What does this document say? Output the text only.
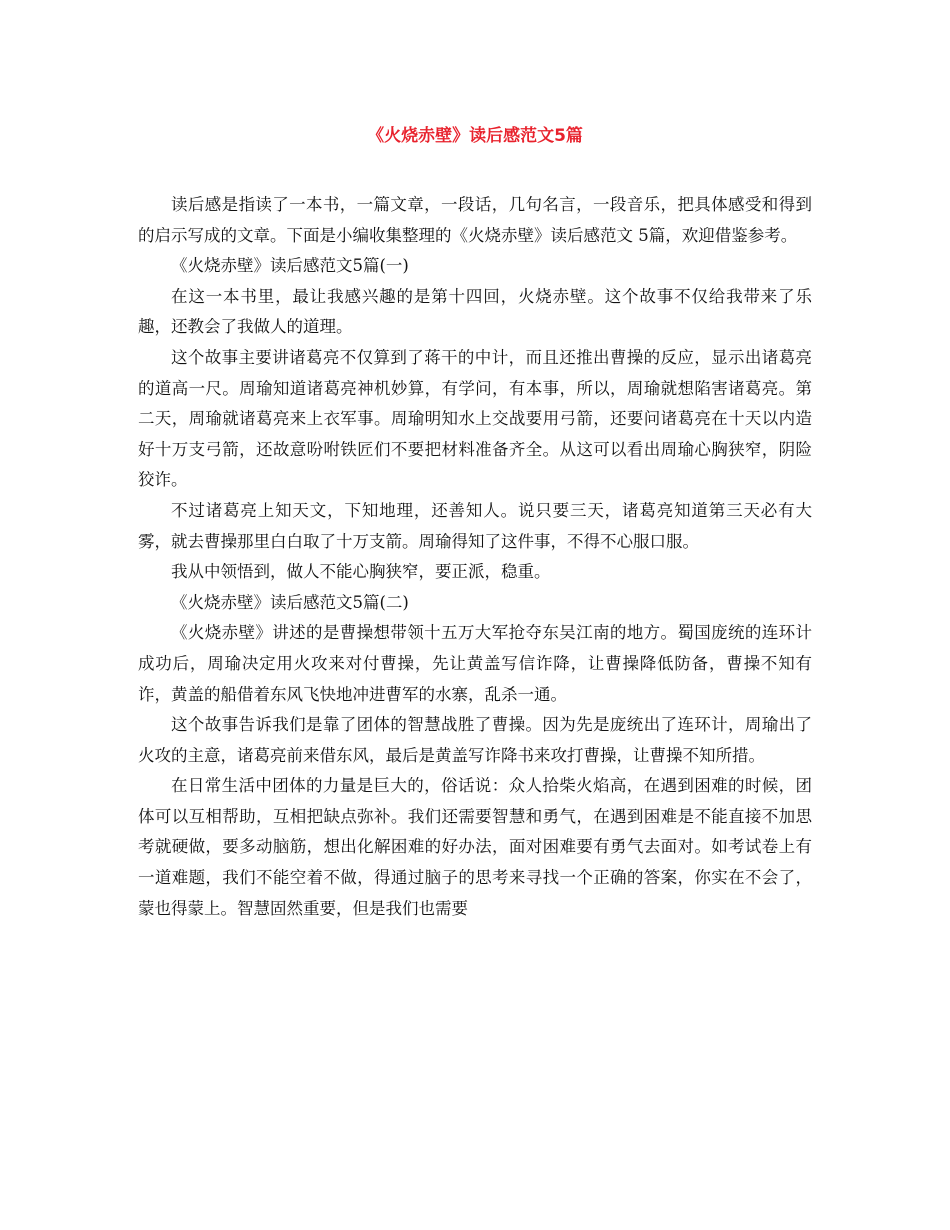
《火烧赤壁》读后感范文5篇

读后感是指读了一本书，一篇文章，一段话，几句名言，一段音乐，把具体感受和得到的启示写成的文章。下面是小编收集整理的《火烧赤壁》读后感范文 5篇，欢迎借鉴参考。

《火烧赤壁》读后感范文5篇(一)

在这一本书里，最让我感兴趣的是第十四回，火烧赤壁。这个故事不仅给我带来了乐趣，还教会了我做人的道理。

这个故事主要讲诸葛亮不仅算到了蒋干的中计，而且还推出曹操的反应，显示出诸葛亮的道高一尺。周瑜知道诸葛亮神机妙算，有学问，有本事，所以，周瑜就想陷害诸葛亮。第二天，周瑜就诸葛亮来上衣军事。周瑜明知水上交战要用弓箭，还要问诸葛亮在十天以内造好十万支弓箭，还故意吩咐铁匠们不要把材料准备齐全。从这可以看出周瑜心胸狭窄，阴险狡诈。

不过诸葛亮上知天文，下知地理，还善知人。说只要三天，诸葛亮知道第三天必有大雾，就去曹操那里白白取了十万支箭。周瑜得知了这件事，不得不心服口服。

我从中领悟到，做人不能心胸狭窄，要正派，稳重。

《火烧赤壁》读后感范文5篇(二)

《火烧赤壁》讲述的是曹操想带领十五万大军抢夺东吴江南的地方。蜀国庞统的连环计成功后，周瑜决定用火攻来对付曹操，先让黄盖写信诈降，让曹操降低防备，曹操不知有诈，黄盖的船借着东风飞快地冲进曹军的水寨，乱杀一通。

这个故事告诉我们是靠了团体的智慧战胜了曹操。因为先是庞统出了连环计，周瑜出了火攻的主意，诸葛亮前来借东风，最后是黄盖写诈降书来攻打曹操，让曹操不知所措。

在日常生活中团体的力量是巨大的，俗话说：众人拾柴火焰高，在遇到困难的时候，团体可以互相帮助，互相把缺点弥补。我们还需要智慧和勇气，在遇到困难是不能直接不加思考就硬做，要多动脑筋，想出化解困难的好办法，面对困难要有勇气去面对。如考试卷上有一道难题，我们不能空着不做，得通过脑子的思考来寻找一个正确的答案，你实在不会了，蒙也得蒙上。智慧固然重要，但是我们也需要
